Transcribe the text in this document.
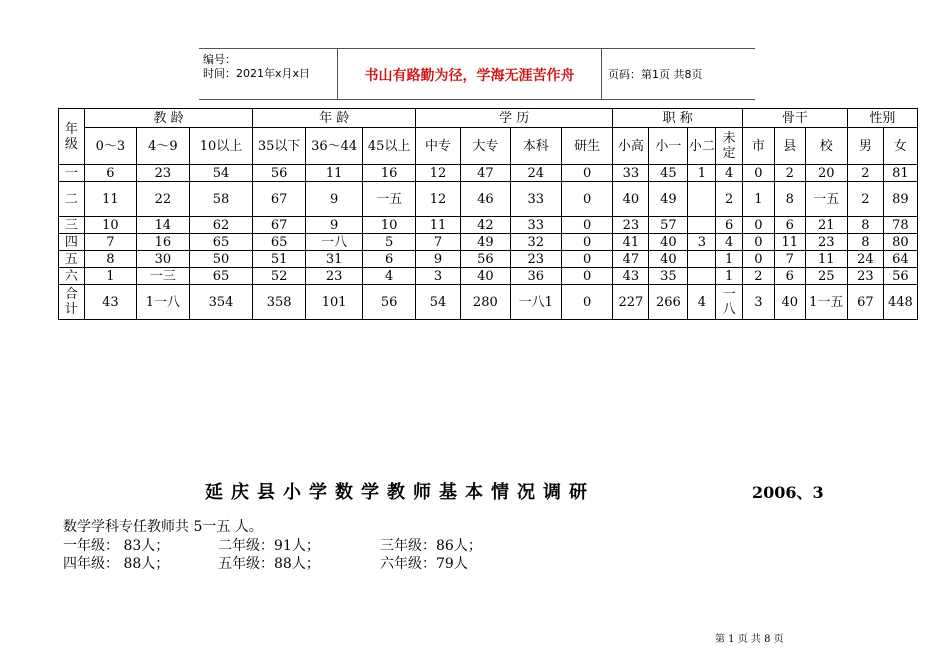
编号：
时间：2021年x月x日	书山有路勤为径，学海无涯苦作舟	页码：第1页 共8页
年级	教 龄			年 龄			学 历				职 称				骨干			性别	
	0～3	4～9	10以上	35以下	36～44	45以上	中专	大专	本科	研生	小高	小一	小二	未定	市	县	校	男	女
一	6	23	54	56	11	16	12	47	24	0	33	45	1	4	0	2	20	2	81
二	11	22	58	67	9	一五	12	46	33	0	40	49		2	1	8	一五	2	89
三	10	14	62	67	9	10	11	42	33	0	23	57		6	0	6	21	8	78
四	7	16	65	65	一八	5	7	49	32	0	41	40	3	4	0	11	23	8	80
五	8	30	50	51	31	6	9	56	23	0	47	40		1	0	7	11	24	64
六	1	一三	65	52	23	4	3	40	36	0	43	35		1	2	6	25	23	56
合计	43	1一八	354	358	101	56	54	280	一八1	0	227	266	4	一八	3	40	1一五	67	448
延庆县小学数学教师基本情况调研	2006、3
数学学科专任教师共 5一五 人。
一年级： 83人；	二年级：91人；	三年级：86人；
四年级： 88人；	五年级：88人；	六年级：79人
第 1 页 共 8 页
